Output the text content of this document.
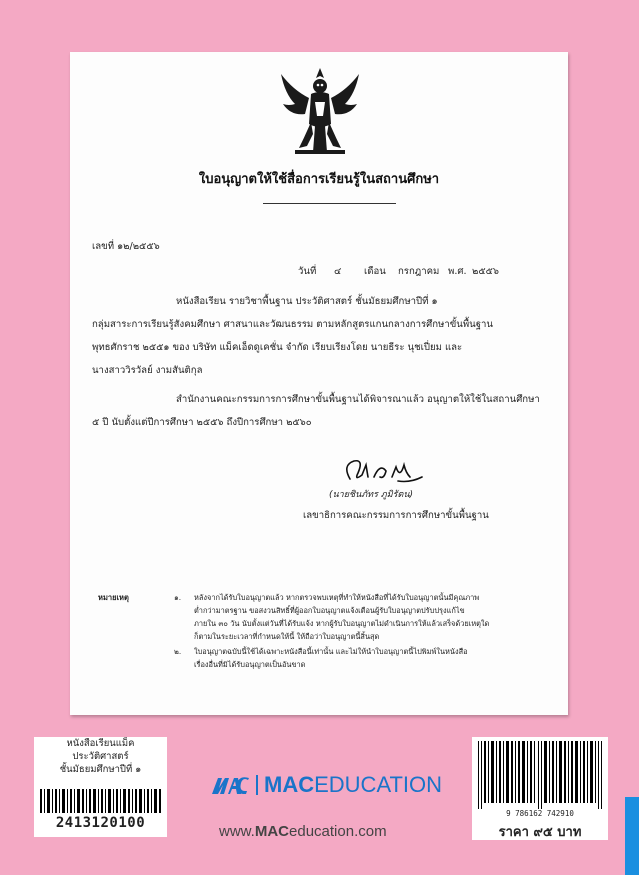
ใบอนุญาตให้ใช้สื่อการเรียนรู้ในสถานศึกษา
เลขที่ ๑๒/๒๕๕๖
วันที่ ๔ เดือน กรกฎาคม พ.ศ. ๒๕๕๖
หนังสือเรียน รายวิชาพื้นฐาน ประวัติศาสตร์ ชั้นมัธยมศึกษาปีที่ ๑
กลุ่มสาระการเรียนรู้สังคมศึกษา ศาสนาและวัฒนธรรม ตามหลักสูตรแกนกลางการศึกษาขั้นพื้นฐาน
พุทธศักราช ๒๕๕๑ ของ บริษัท แม็คเอ็ดดูเคชั่น จำกัด เรียบเรียงโดย นายธีระ นุชเปี่ยม และ
นางสาววิรวัลย์ งามสันติกุล
สำนักงานคณะกรรมการการศึกษาขั้นพื้นฐานได้พิจารณาแล้ว อนุญาตให้ใช้ในสถานศึกษา
๕ ปี นับตั้งแต่ปีการศึกษา ๒๕๕๖ ถึงปีการศึกษา ๒๕๖๐
(นายชินภัทร ภูมิรัตน)
เลขาธิการคณะกรรมการการศึกษาขั้นพื้นฐาน
หมายเหตุ	๑. หลังจากได้รับใบอนุญาตแล้ว หากตรวจพบเหตุที่ทำให้หนังสือที่ได้รับใบอนุญาตนั้นมีคุณภาพ
ต่ำกว่ามาตรฐาน ขอสงวนสิทธิ์ที่ผู้ออกใบอนุญาตแจ้งเตือนผู้รับใบอนุญาตปรับปรุงแก้ไข
ภายใน ๓๐ วัน นับตั้งแต่วันที่ได้รับแจ้ง หากผู้รับใบอนุญาตไม่ดำเนินการให้แล้วเสร็จด้วยเหตุใด
ก็ตามในระยะเวลาที่กำหนดให้นี้ ให้ถือว่าใบอนุญาตนี้สิ้นสุด
๒. ใบอนุญาตฉบับนี้ใช้ได้เฉพาะหนังสือนี้เท่านั้น และไม่ให้นำใบอนุญาตนี้ไปพิมพ์ในหนังสือ
เรื่องอื่นที่มิได้รับอนุญาตเป็นอันขาด
หนังสือเรียนแม็ค
ประวัติศาสตร์
ชั้นมัธยมศึกษาปีที่ ๑
2413120100
MAC EDUCATION
www.MACeducation.com
9 786162 742910
ราคา ๙๕ บาท
